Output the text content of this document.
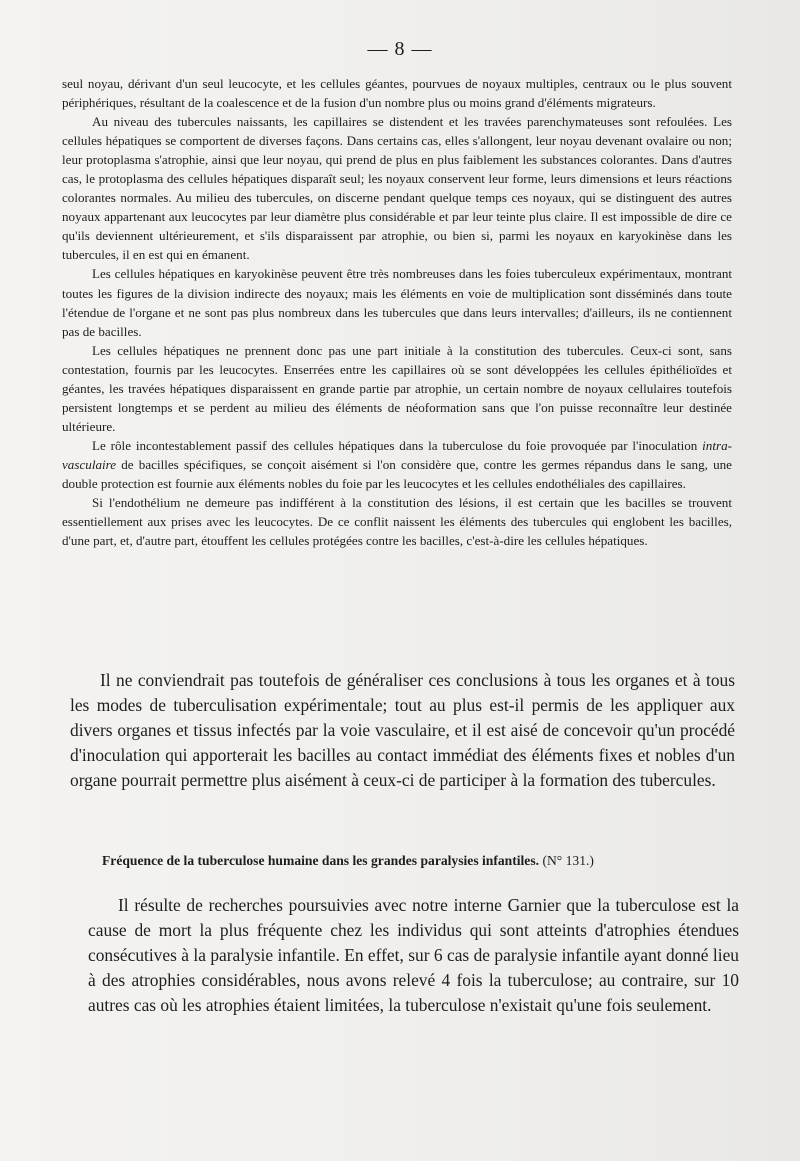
— 8 —

seul noyau, dérivant d'un seul leucocyte, et les cellules géantes, pourvues de noyaux multiples, centraux ou le plus souvent périphériques, résultant de la coalescence et de la fusion d'un nombre plus ou moins grand d'éléments migrateurs.

Au niveau des tubercules naissants, les capillaires se distendent et les travées parenchymateuses sont refoulées. Les cellules hépatiques se comportent de diverses façons. Dans certains cas, elles s'allongent, leur noyau devenant ovalaire ou non; leur protoplasma s'atrophie, ainsi que leur noyau, qui prend de plus en plus faiblement les substances colorantes. Dans d'autres cas, le protoplasma des cellules hépatiques disparaît seul; les noyaux conservent leur forme, leurs dimensions et leurs réactions colorantes normales. Au milieu des tubercules, on discerne pendant quelque temps ces noyaux, qui se distinguent des autres noyaux appartenant aux leucocytes par leur diamètre plus considérable et par leur teinte plus claire. Il est impossible de dire ce qu'ils deviennent ultérieurement, et s'ils disparaissent par atrophie, ou bien si, parmi les noyaux en karyokinèse dans les tubercules, il en est qui en émanent.

Les cellules hépatiques en karyokinèse peuvent être très nombreuses dans les foies tuberculeux expérimentaux, montrant toutes les figures de la division indirecte des noyaux; mais les éléments en voie de multiplication sont disséminés dans toute l'étendue de l'organe et ne sont pas plus nombreux dans les tubercules que dans leurs intervalles; d'ailleurs, ils ne contiennent pas de bacilles.

Les cellules hépatiques ne prennent donc pas une part initiale à la constitution des tubercules. Ceux-ci sont, sans contestation, fournis par les leucocytes. Enserrées entre les capillaires où se sont développées les cellules épithélioïdes et géantes, les travées hépatiques disparaissent en grande partie par atrophie, un certain nombre de noyaux cellulaires toutefois persistent longtemps et se perdent au milieu des éléments de néoformation sans que l'on puisse reconnaître leur destinée ultérieure.

Le rôle incontestablement passif des cellules hépatiques dans la tuberculose du foie provoquée par l'inoculation intra-vasculaire de bacilles spécifiques, se conçoit aisément si l'on considère que, contre les germes répandus dans le sang, une double protection est fournie aux éléments nobles du foie par les leucocytes et les cellules endothéliales des capillaires.

Si l'endothélium ne demeure pas indifférent à la constitution des lésions, il est certain que les bacilles se trouvent essentiellement aux prises avec les leucocytes. De ce conflit naissent les éléments des tubercules qui englobent les bacilles, d'une part, et, d'autre part, étouffent les cellules protégées contre les bacilles, c'est-à-dire les cellules hépatiques.

Il ne conviendrait pas toutefois de généraliser ces conclusions à tous les organes et à tous les modes de tuberculisation expérimentale; tout au plus est-il permis de les appliquer aux divers organes et tissus infectés par la voie vasculaire, et il est aisé de concevoir qu'un procédé d'inoculation qui apporterait les bacilles au contact immédiat des éléments fixes et nobles d'un organe pourrait permettre plus aisément à ceux-ci de participer à la formation des tubercules.

Fréquence de la tuberculose humaine dans les grandes paralysies infantiles. (N° 131.)

Il résulte de recherches poursuivies avec notre interne Garnier que la tuberculose est la cause de mort la plus fréquente chez les individus qui sont atteints d'atrophies étendues consécutives à la paralysie infantile. En effet, sur 6 cas de paralysie infantile ayant donné lieu à des atrophies considérables, nous avons relevé 4 fois la tuberculose; au contraire, sur 10 autres cas où les atrophies étaient limitées, la tuberculose n'existait qu'une fois seulement.
